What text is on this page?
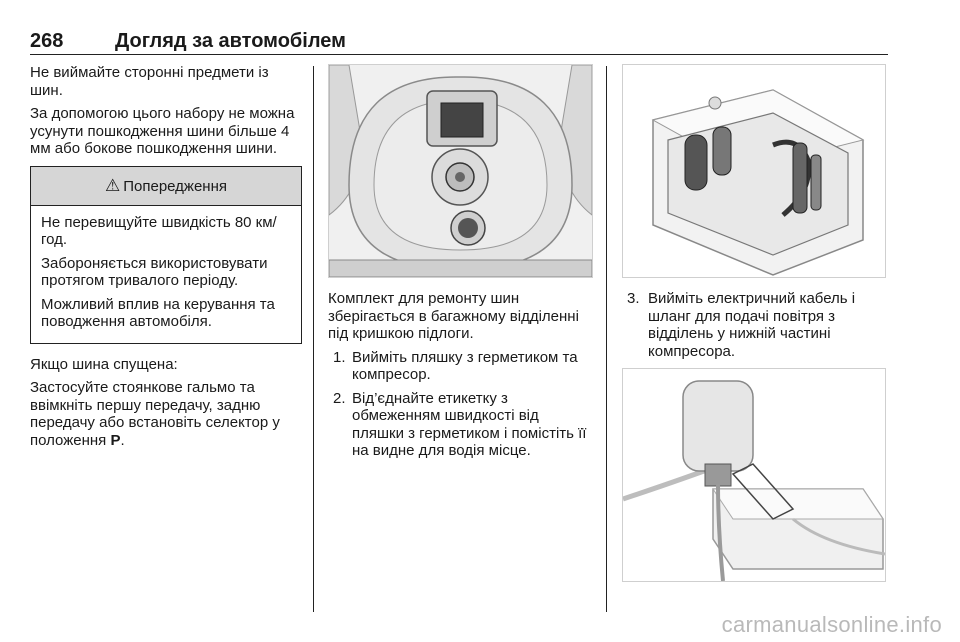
268	Догляд за автомобілем

Не виймайте сторонні предмети із шин.

За допомогою цього набору не можна усунути пошкодження шини більше 4 мм або бокове пошкодження шини.

⚠ Попередження

Не перевищуйте швидкість 80 км/год.

Забороняється використовувати протягом тривалого періоду.

Можливий вплив на керування та поводження автомобіля.

Якщо шина спущена:

Застосуйте стоянкове гальмо та ввімкніть першу передачу, задню передачу або встановіть селектор у положення P.

Комплект для ремонту шин зберігається в багажному відділенні під кришкою підлоги.

1. Вийміть пляшку з герметиком та компресор.
2. Від’єднайте етикетку з обмеженням швидкості від пляшки з герметиком і помістіть її на видне для водія місце.
3. Вийміть електричний кабель і шланг для подачі повітря з відділень у нижній частині компресора.
carmanualsonline.info
